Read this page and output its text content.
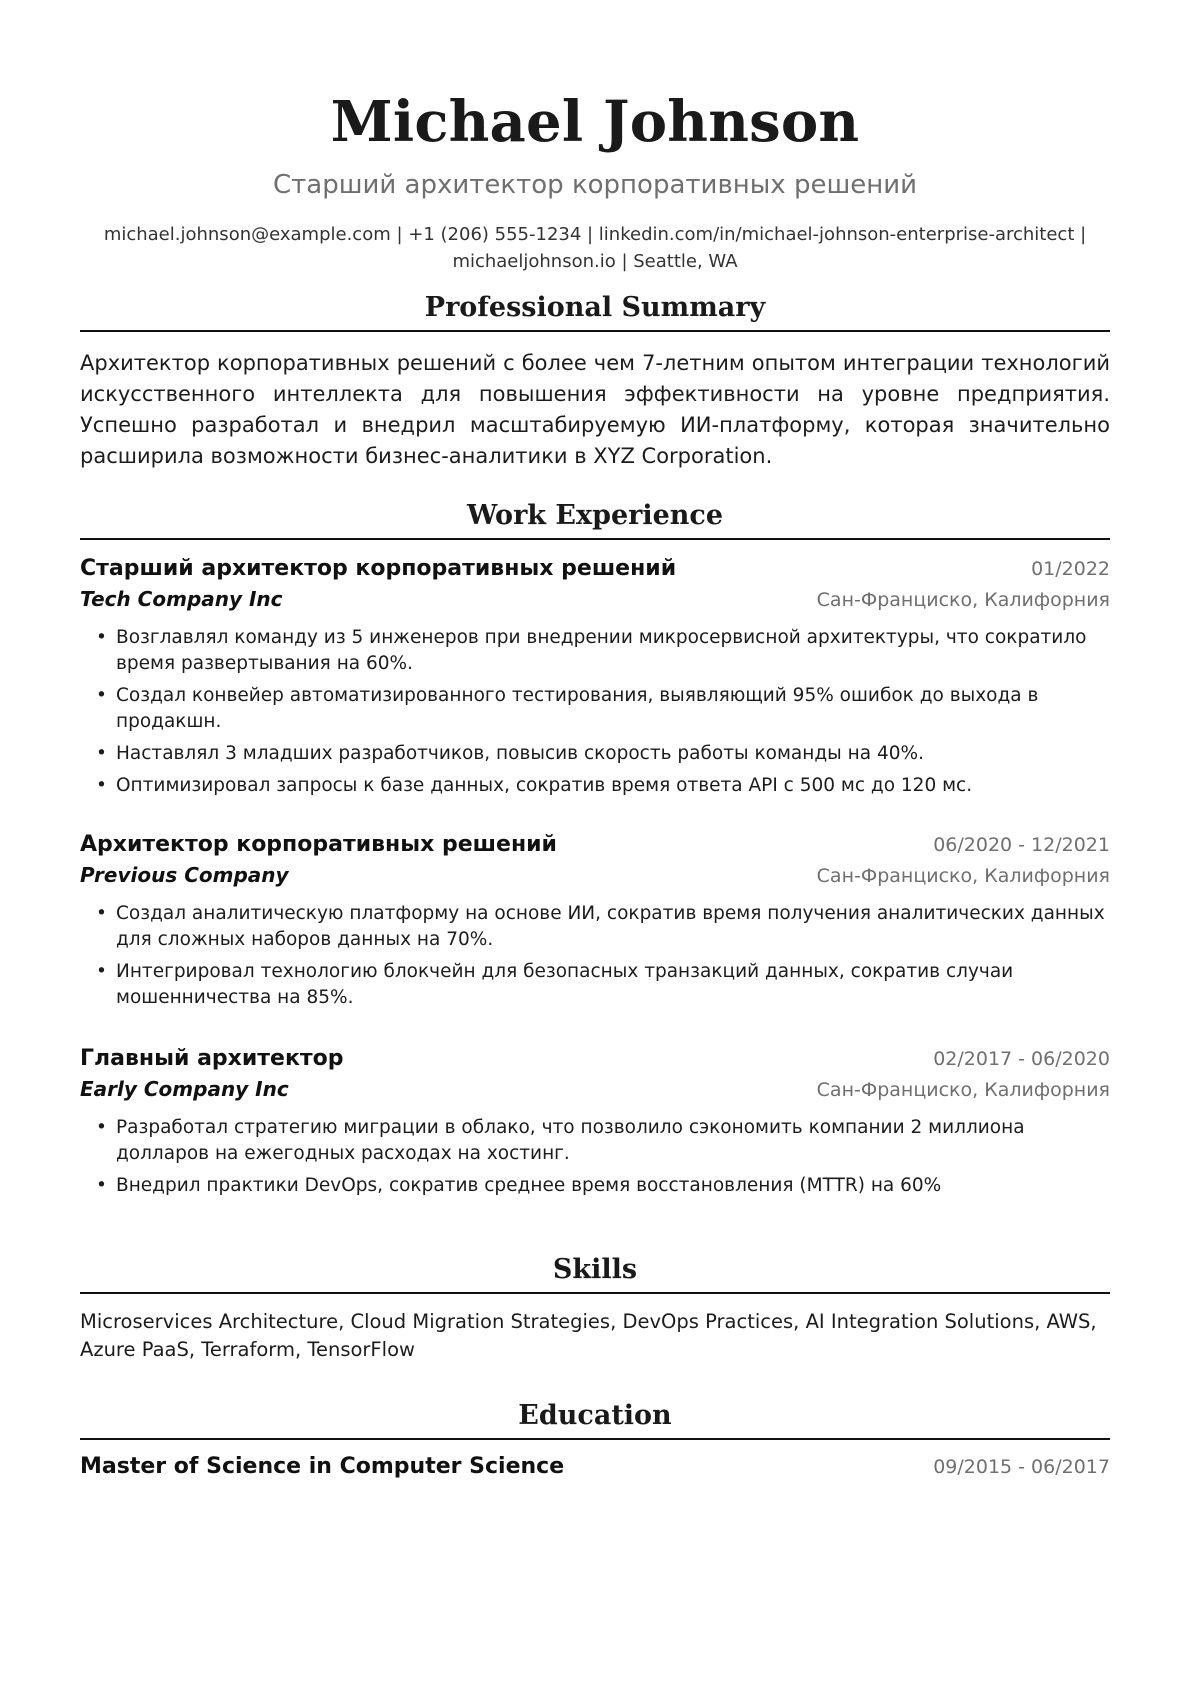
Michael Johnson
Старший архитектор корпоративных решений
michael.johnson@example.com | +1 (206) 555-1234 | linkedin.com/in/michael-johnson-enterprise-architect |
michaeljohnson.io | Seattle, WA
Professional Summary
Архитектор корпоративных решений с более чем 7-летним опытом интеграции технологий искусственного интеллекта для повышения эффективности на уровне предприятия. Успешно разработал и внедрил масштабируемую ИИ-платформу, которая значительно расширила возможности бизнес-аналитики в XYZ Corporation.
Work Experience
Старший архитектор корпоративных решений	01/2022
Tech Company Inc	Сан-Франциско, Калифорния
• Возглавлял команду из 5 инженеров при внедрении микросервисной архитектуры, что сократило время развертывания на 60%.
• Создал конвейер автоматизированного тестирования, выявляющий 95% ошибок до выхода в продакшн.
• Наставлял 3 младших разработчиков, повысив скорость работы команды на 40%.
• Оптимизировал запросы к базе данных, сократив время ответа API с 500 мс до 120 мс.
Архитектор корпоративных решений	06/2020 - 12/2021
Previous Company	Сан-Франциско, Калифорния
• Создал аналитическую платформу на основе ИИ, сократив время получения аналитических данных для сложных наборов данных на 70%.
• Интегрировал технологию блокчейн для безопасных транзакций данных, сократив случаи мошенничества на 85%.
Главный архитектор	02/2017 - 06/2020
Early Company Inc	Сан-Франциско, Калифорния
• Разработал стратегию миграции в облако, что позволило сэкономить компании 2 миллиона долларов на ежегодных расходах на хостинг.
• Внедрил практики DevOps, сократив среднее время восстановления (MTTR) на 60%
Skills
Microservices Architecture, Cloud Migration Strategies, DevOps Practices, AI Integration Solutions, AWS, Azure PaaS, Terraform, TensorFlow
Education
Master of Science in Computer Science	09/2015 - 06/2017
